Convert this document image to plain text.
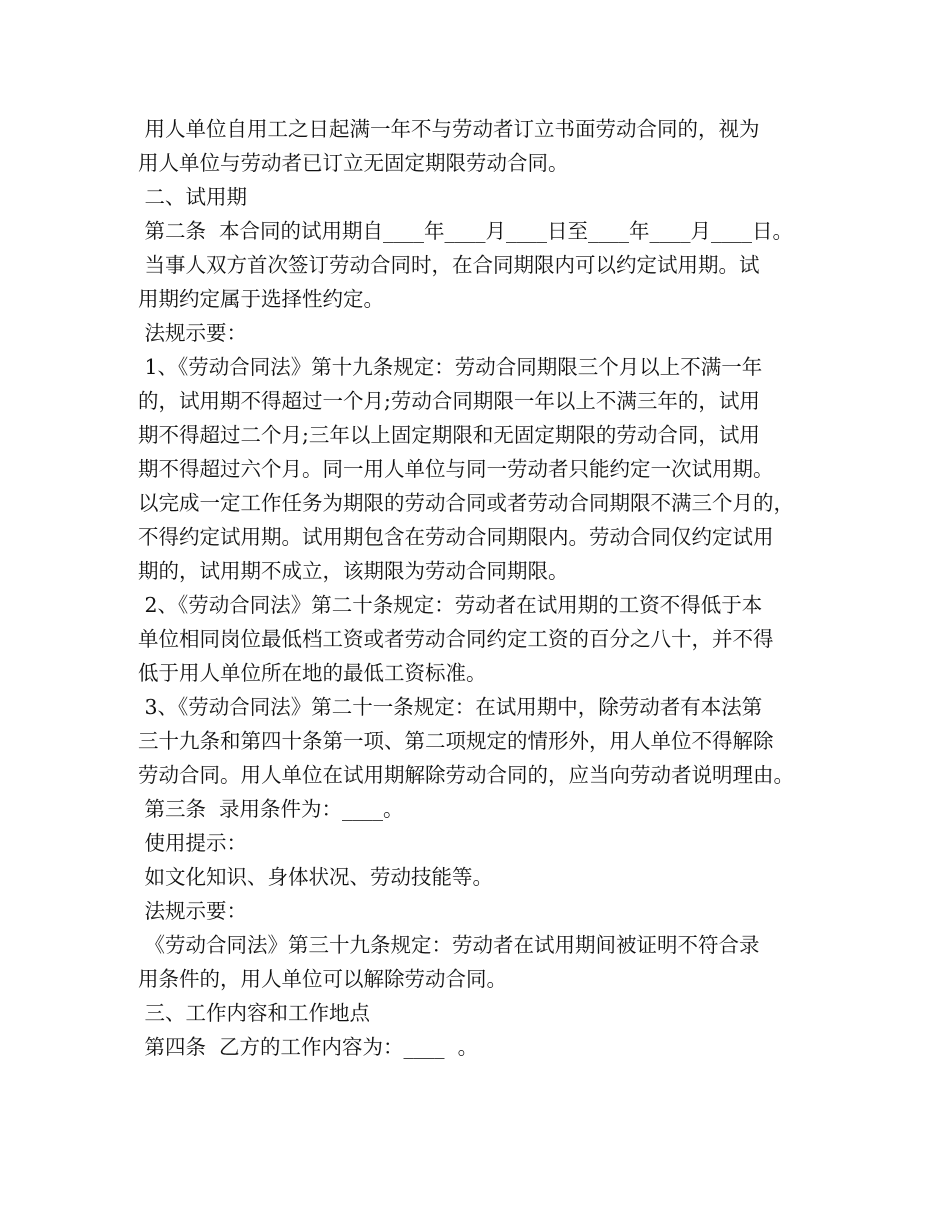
用人单位自用工之日起满一年不与劳动者订立书面劳动合同的，视为
用人单位与劳动者已订立无固定期限劳动合同。
二、试用期
第二条  本合同的试用期自____年____月____日至____年____月____日。
当事人双方首次签订劳动合同时，在合同期限内可以约定试用期。试
用期约定属于选择性约定。
法规示要：
1、《劳动合同法》第十九条规定：劳动合同期限三个月以上不满一年
的，试用期不得超过一个月;劳动合同期限一年以上不满三年的，试用
期不得超过二个月;三年以上固定期限和无固定期限的劳动合同，试用
期不得超过六个月。同一用人单位与同一劳动者只能约定一次试用期。
以完成一定工作任务为期限的劳动合同或者劳动合同期限不满三个月的，
不得约定试用期。试用期包含在劳动合同期限内。劳动合同仅约定试用
期的，试用期不成立，该期限为劳动合同期限。
2、《劳动合同法》第二十条规定：劳动者在试用期的工资不得低于本
单位相同岗位最低档工资或者劳动合同约定工资的百分之八十，并不得
低于用人单位所在地的最低工资标准。
3、《劳动合同法》第二十一条规定：在试用期中，除劳动者有本法第
三十九条和第四十条第一项、第二项规定的情形外，用人单位不得解除
劳动合同。用人单位在试用期解除劳动合同的，应当向劳动者说明理由。
第三条  录用条件为：____。
使用提示：
如文化知识、身体状况、劳动技能等。
法规示要：
《劳动合同法》第三十九条规定：劳动者在试用期间被证明不符合录
用条件的，用人单位可以解除劳动合同。
三、工作内容和工作地点
第四条  乙方的工作内容为：____  。
